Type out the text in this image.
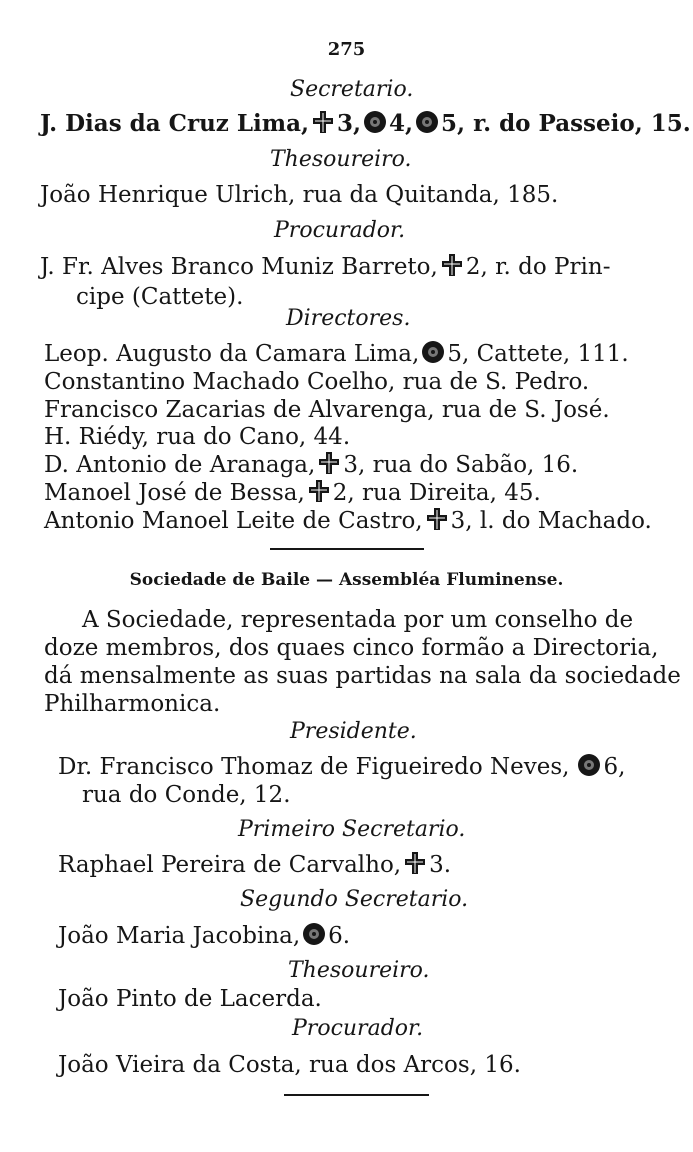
275
Secretario.
J. Dias da Cruz Lima, 3, 4, 5, r. do Passeio, 15.
Thesoureiro.
João Henrique Ulrich, rua da Quitanda, 185.
Procurador.
J. Fr. Alves Branco Muniz Barreto, 2, r. do Prin-
cipe (Cattete).
Directores.
Leop. Augusto da Camara Lima, 5, Cattete, 111.
Constantino Machado Coelho, rua de S. Pedro.
Francisco Zacarias de Alvarenga, rua de S. José.
H. Riédy, rua do Cano, 44.
D. Antonio de Aranaga, 3, rua do Sabão, 16.
Manoel José de Bessa, 2, rua Direita, 45.
Antonio Manoel Leite de Castro, 3, l. do Machado.
Sociedade de Baile — Assembléa Fluminense.
A Sociedade, representada por um conselho de
doze membros, dos quaes cinco formão a Directoria,
dá mensalmente as suas partidas na sala da sociedade
Philharmonica.
Presidente.
Dr. Francisco Thomaz de Figueiredo Neves, 6,
rua do Conde, 12.
Primeiro Secretario.
Raphael Pereira de Carvalho, 3.
Segundo Secretario.
João Maria Jacobina, 6.
Thesoureiro.
João Pinto de Lacerda.
Procurador.
João Vieira da Costa, rua dos Arcos, 16.
